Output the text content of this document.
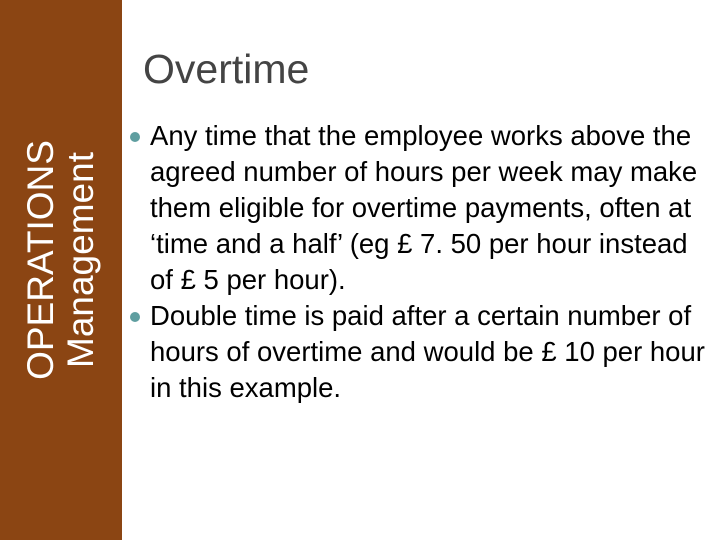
OPERATIONS Management
Overtime
Any time that the employee works above the agreed number of hours per week may make them eligible for overtime payments, often at ‘time and a half’ (eg £ 7. 50 per hour instead of £ 5 per hour).
Double time is paid after a certain number of hours of overtime and would be £ 10 per hour in this example.
